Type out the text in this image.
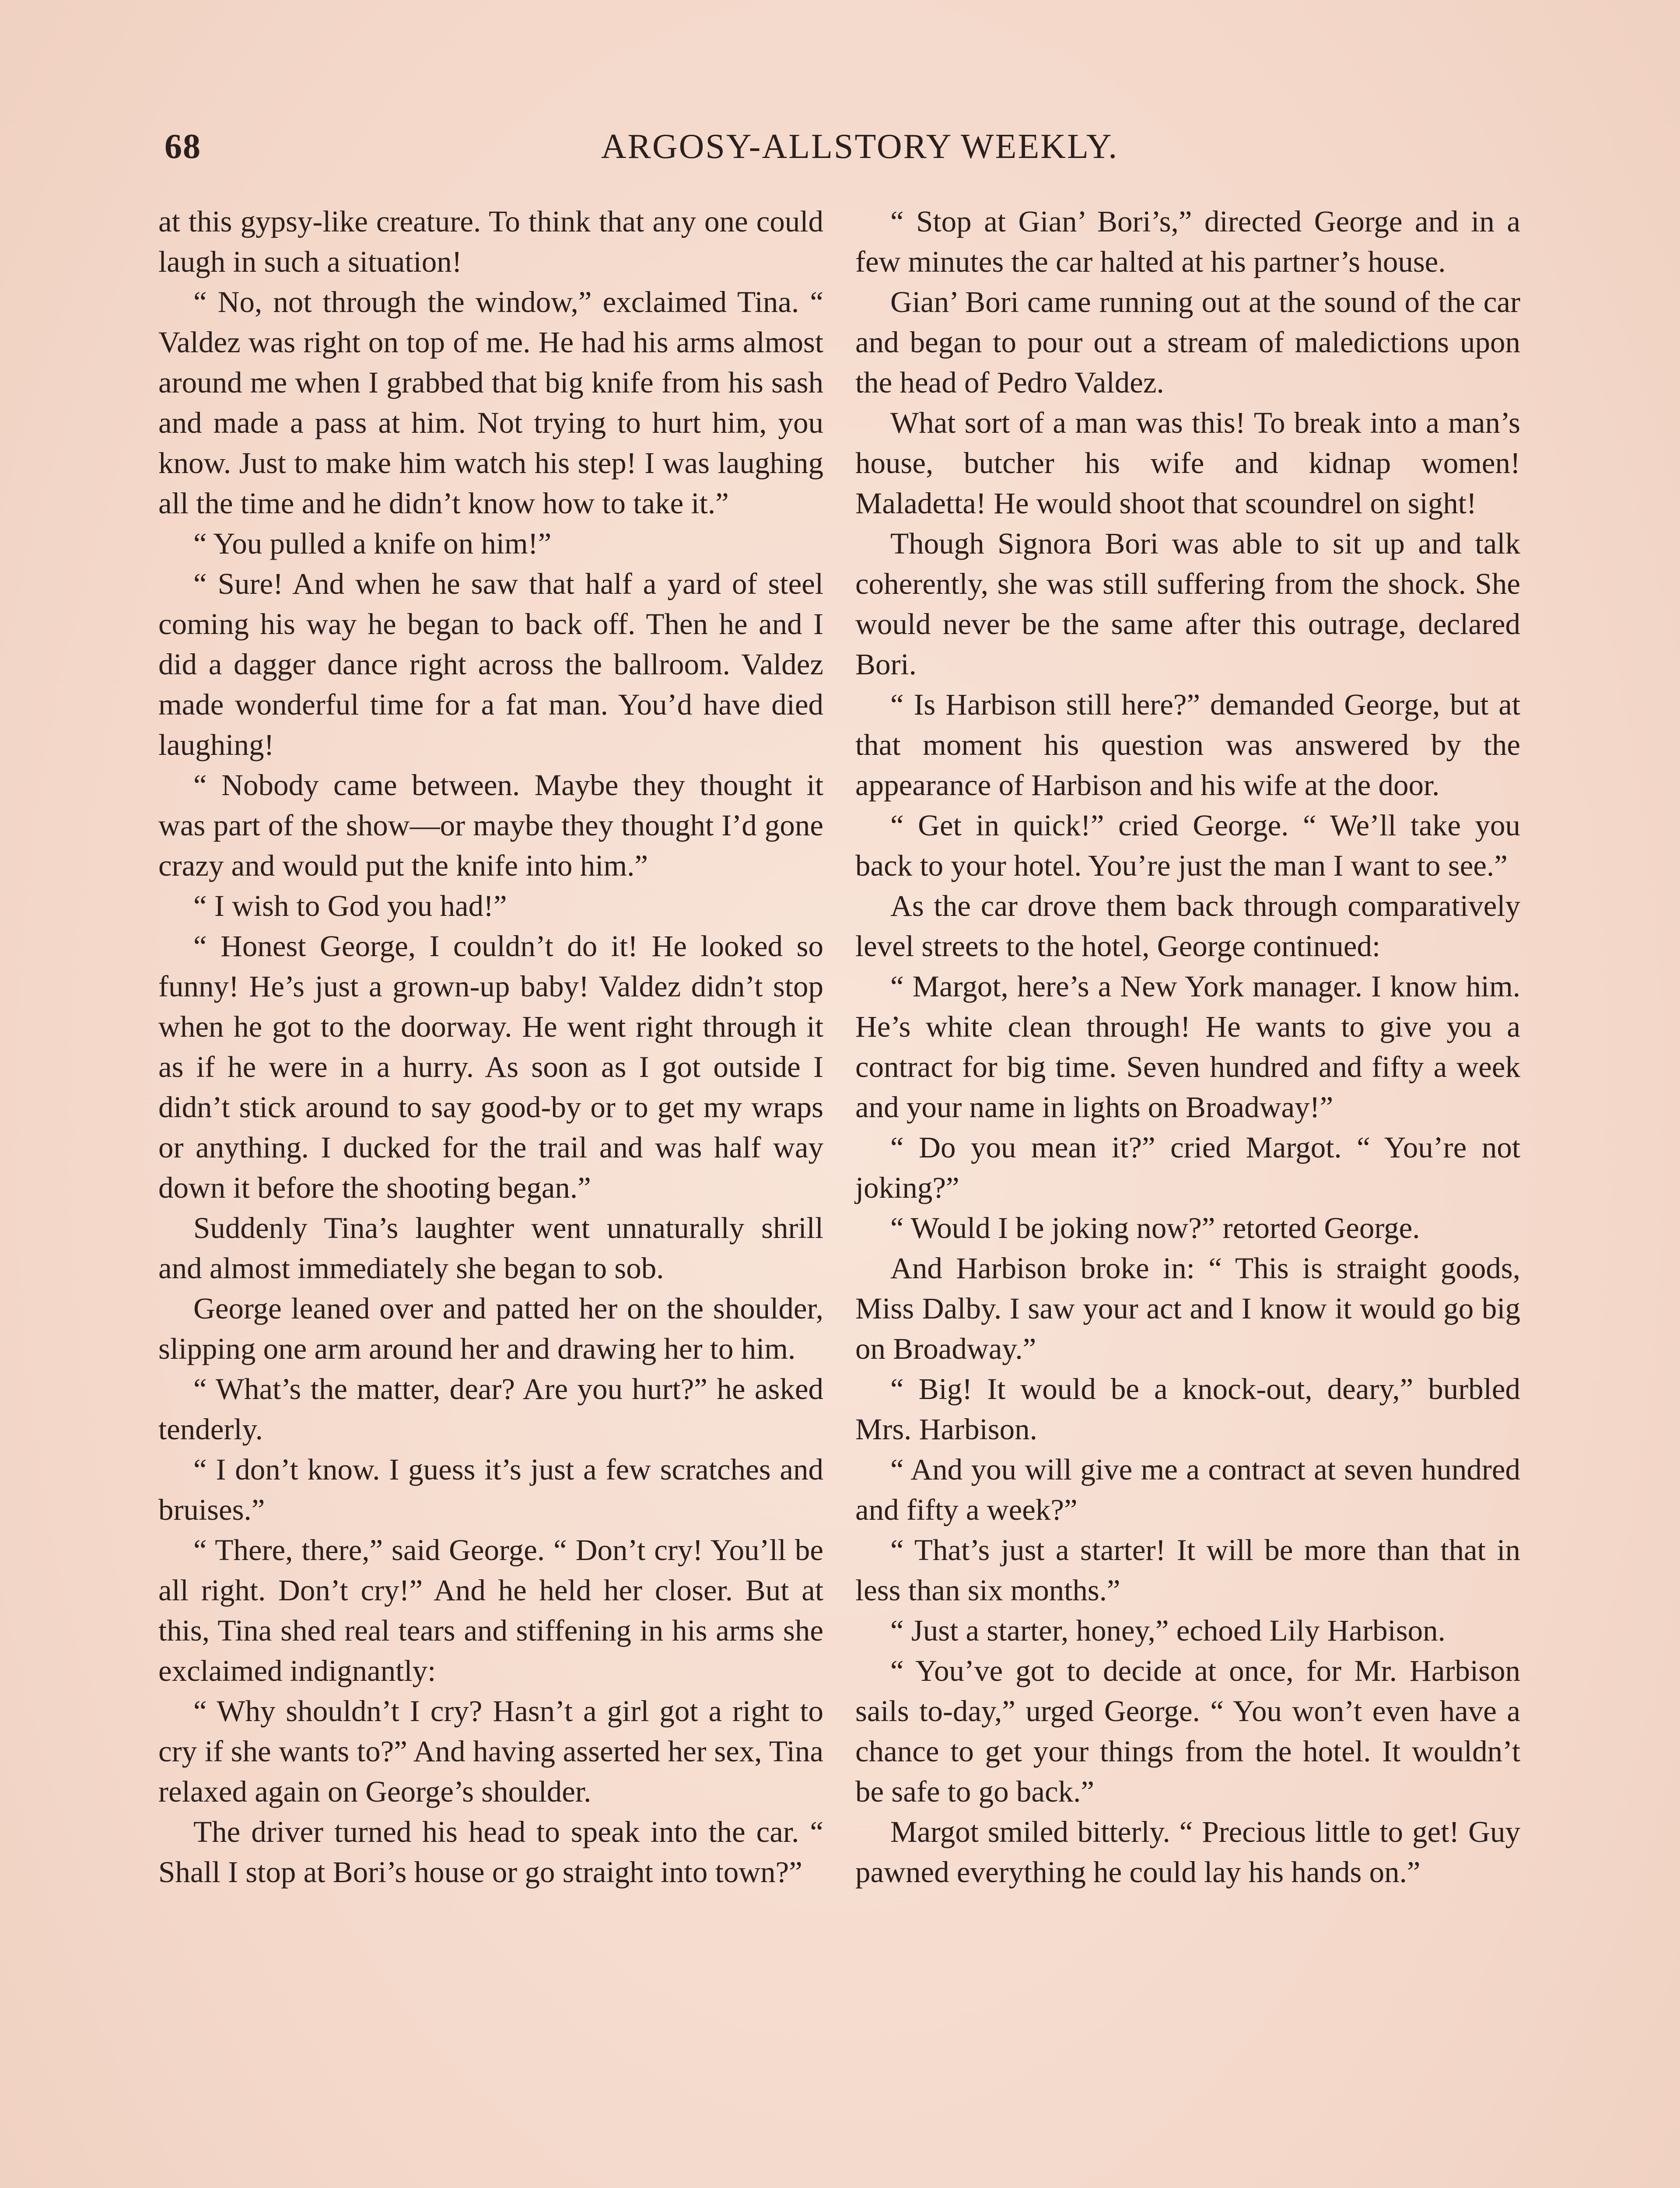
68	ARGOSY-ALLSTORY WEEKLY.

at this gypsy-like creature. To think that any one could laugh in such a situation!

“ No, not through the window,” exclaimed Tina. “ Valdez was right on top of me. He had his arms almost around me when I grabbed that big knife from his sash and made a pass at him. Not trying to hurt him, you know. Just to make him watch his step! I was laughing all the time and he didn’t know how to take it.”

“ You pulled a knife on him!”

“ Sure! And when he saw that half a yard of steel coming his way he began to back off. Then he and I did a dagger dance right across the ballroom. Valdez made wonderful time for a fat man. You’d have died laughing!

“ Nobody came between. Maybe they thought it was part of the show—or maybe they thought I’d gone crazy and would put the knife into him.”

“ I wish to God you had!”

“ Honest George, I couldn’t do it! He looked so funny! He’s just a grown-up baby! Valdez didn’t stop when he got to the doorway. He went right through it as if he were in a hurry. As soon as I got outside I didn’t stick around to say good-by or to get my wraps or anything. I ducked for the trail and was half way down it before the shooting began.”

Suddenly Tina’s laughter went unnaturally shrill and almost immediately she began to sob.

George leaned over and patted her on the shoulder, slipping one arm around her and drawing her to him.

“ What’s the matter, dear? Are you hurt?” he asked tenderly.

“ I don’t know. I guess it’s just a few scratches and bruises.”

“ There, there,” said George. “ Don’t cry! You’ll be all right. Don’t cry!” And he held her closer. But at this, Tina shed real tears and stiffening in his arms she exclaimed indignantly:

“ Why shouldn’t I cry? Hasn’t a girl got a right to cry if she wants to?” And having asserted her sex, Tina relaxed again on George’s shoulder.

The driver turned his head to speak into the car. “ Shall I stop at Bori’s house or go straight into town?”

“ Stop at Gian’ Bori’s,” directed George and in a few minutes the car halted at his partner’s house.

Gian’ Bori came running out at the sound of the car and began to pour out a stream of maledictions upon the head of Pedro Valdez.

What sort of a man was this! To break into a man’s house, butcher his wife and kidnap women! Maladetta! He would shoot that scoundrel on sight!

Though Signora Bori was able to sit up and talk coherently, she was still suffering from the shock. She would never be the same after this outrage, declared Bori.

“ Is Harbison still here?” demanded George, but at that moment his question was answered by the appearance of Harbison and his wife at the door.

“ Get in quick!” cried George. “ We’ll take you back to your hotel. You’re just the man I want to see.”

As the car drove them back through comparatively level streets to the hotel, George continued:

“ Margot, here’s a New York manager. I know him. He’s white clean through! He wants to give you a contract for big time. Seven hundred and fifty a week and your name in lights on Broadway!”

“ Do you mean it?” cried Margot. “ You’re not joking?”

“ Would I be joking now?” retorted George.

And Harbison broke in: “ This is straight goods, Miss Dalby. I saw your act and I know it would go big on Broadway.”

“ Big! It would be a knock-out, deary,” burbled Mrs. Harbison.

“ And you will give me a contract at seven hundred and fifty a week?”

“ That’s just a starter! It will be more than that in less than six months.”

“ Just a starter, honey,” echoed Lily Harbison.

“ You’ve got to decide at once, for Mr. Harbison sails to-day,” urged George. “ You won’t even have a chance to get your things from the hotel. It wouldn’t be safe to go back.”

Margot smiled bitterly. “ Precious little to get! Guy pawned everything he could lay his hands on.”
